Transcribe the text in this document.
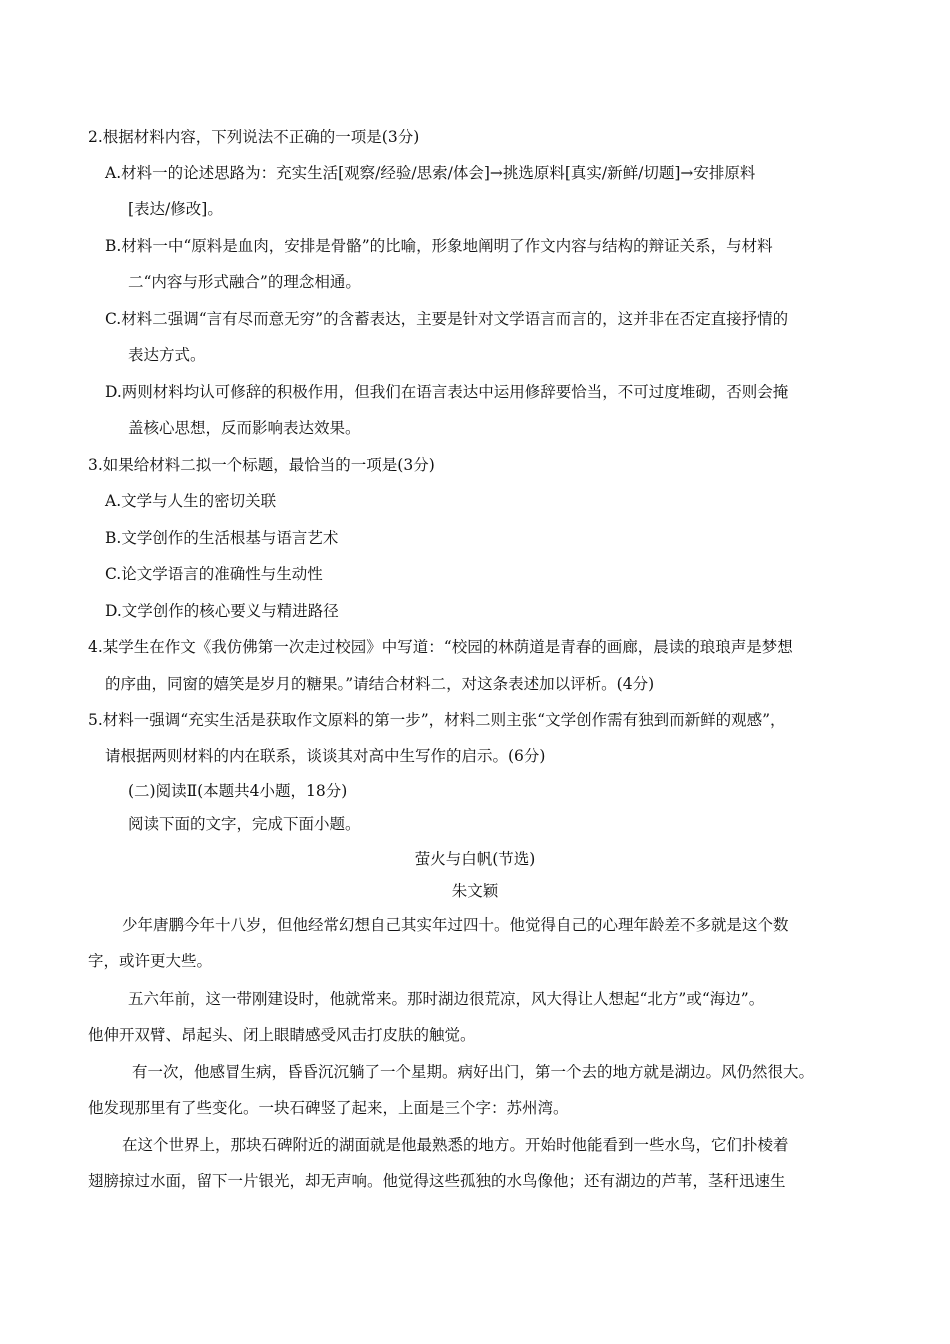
2.根据材料内容，下列说法不正确的一项是(3分)
A.材料一的论述思路为：充实生活[观察/经验/思索/体会]→挑选原料[真实/新鲜/切题]→安排原料
[表达/修改]。
B.材料一中“原料是血肉，安排是骨骼”的比喻，形象地阐明了作文内容与结构的辩证关系，与材料
二“内容与形式融合”的理念相通。
C.材料二强调“言有尽而意无穷”的含蓄表达，主要是针对文学语言而言的，这并非在否定直接抒情的
表达方式。
D.两则材料均认可修辞的积极作用，但我们在语言表达中运用修辞要恰当，不可过度堆砌，否则会掩
盖核心思想，反而影响表达效果。
3.如果给材料二拟一个标题，最恰当的一项是(3分)
A.文学与人生的密切关联
B.文学创作的生活根基与语言艺术
C.论文学语言的准确性与生动性
D.文学创作的核心要义与精进路径
4.某学生在作文《我仿佛第一次走过校园》中写道：“校园的林荫道是青春的画廊，晨读的琅琅声是梦想
的序曲，同窗的嬉笑是岁月的糖果。”请结合材料二，对这条表述加以评析。(4分)
5.材料一强调“充实生活是获取作文原料的第一步”，材料二则主张“文学创作需有独到而新鲜的观感”，
请根据两则材料的内在联系，谈谈其对高中生写作的启示。(6分)
(二)阅读Ⅱ(本题共4小题，18分)
阅读下面的文字，完成下面小题。
萤火与白帆(节选)
朱文颖
少年唐鹏今年十八岁，但他经常幻想自己其实年过四十。他觉得自己的心理年龄差不多就是这个数
字，或许更大些。
五六年前，这一带刚建设时，他就常来。那时湖边很荒凉，风大得让人想起“北方”或“海边”。
他伸开双臂、昂起头、闭上眼睛感受风击打皮肤的触觉。
有一次，他感冒生病，昏昏沉沉躺了一个星期。病好出门，第一个去的地方就是湖边。风仍然很大。
他发现那里有了些变化。一块石碑竖了起来，上面是三个字：苏州湾。
在这个世界上，那块石碑附近的湖面就是他最熟悉的地方。开始时他能看到一些水鸟，它们扑棱着
翅膀掠过水面，留下一片银光，却无声响。他觉得这些孤独的水鸟像他；还有湖边的芦苇，茎秆迅速生
